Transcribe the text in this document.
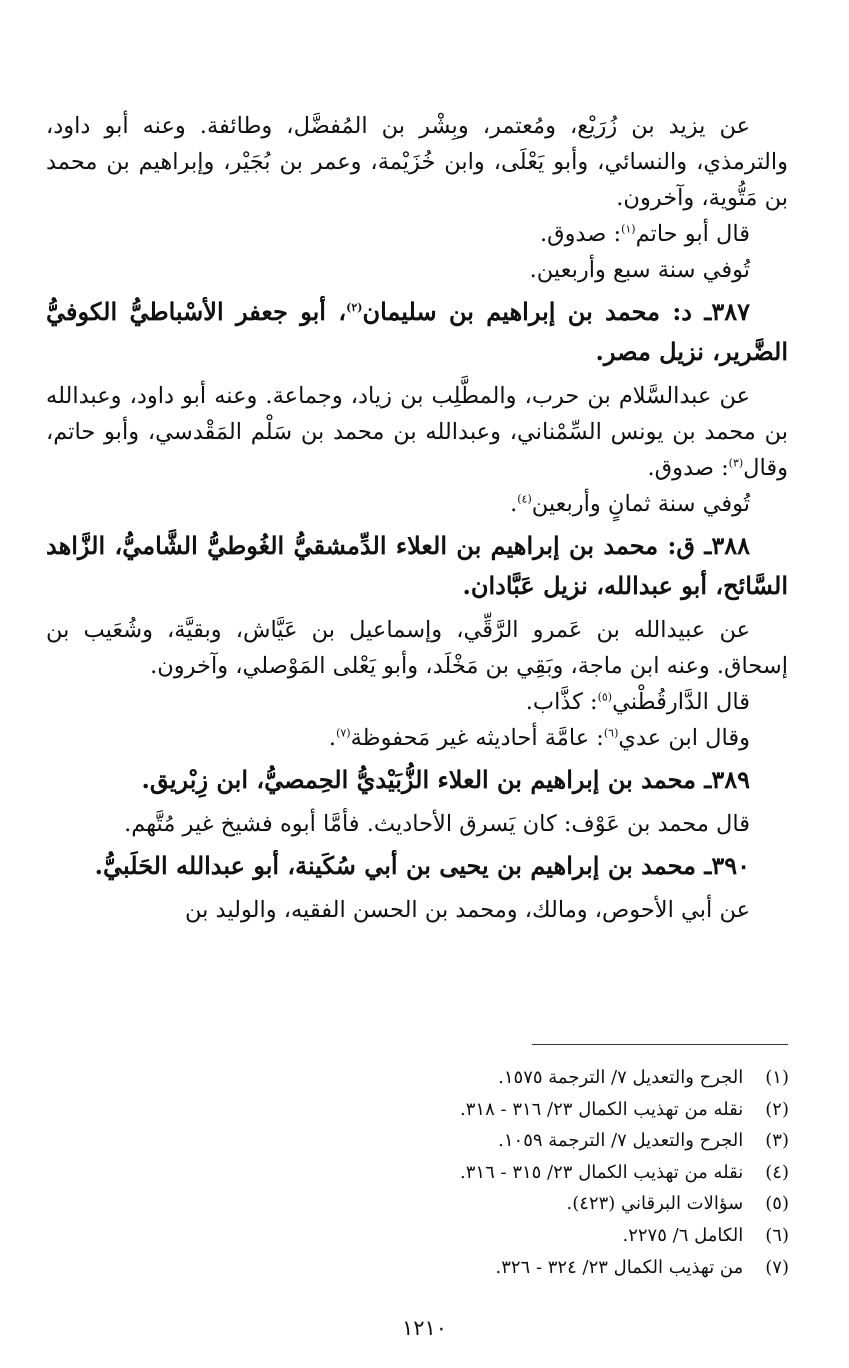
عن يزيد بن زُرَيْع، ومُعتمر، وبِشْر بن المُفضَّل، وطائفة. وعنه أبو داود، والترمذي، والنسائي، وأبو يَعْلَى، وابن خُزَيْمة، وعمر بن بُجَيْر، وإبراهيم بن محمد بن مَتُّوية، وآخرون.

قال أبو حاتم$^{(١)}$: صدوق.

تُوفي سنة سبع وأربعين.

٣٨٧ـ د: محمد بن إبراهيم بن سليمان$^{(٢)}$، أبو جعفر الأسْباطيُّ الكوفيُّ الضَّرير، نزيل مصر.

عن عبدالسَّلام بن حرب، والمطَّلِب بن زياد، وجماعة. وعنه أبو داود، وعبدالله بن محمد بن يونس السِّمْناني، وعبدالله بن محمد بن سَلْم المَقْدسي، وأبو حاتم، وقال$^{(٣)}$: صدوق.

تُوفي سنة ثمانٍ وأربعين$^{(٤)}$.

٣٨٨ـ ق: محمد بن إبراهيم بن العلاء الدِّمشقيُّ الغُوطيُّ الشَّاميُّ، الزَّاهد السَّائح، أبو عبدالله، نزيل عَبَّادان.

عن عبيدالله بن عَمرو الرَّقِّي، وإسماعيل بن عَيَّاش، وبقيَّة، وشُعَيب بن إسحاق. وعنه ابن ماجة، وبَقِي بن مَخْلَد، وأبو يَعْلى المَوْصلي، وآخرون.

قال الدَّارقُطْني$^{(٥)}$: كذَّاب.

وقال ابن عدي$^{(٦)}$: عامَّة أحاديثه غير مَحفوظة$^{(٧)}$.

٣٨٩ـ محمد بن إبراهيم بن العلاء الزُّبَيْديُّ الحِمصيُّ، ابن زِبْريق.

قال محمد بن عَوْف: كان يَسرق الأحاديث. فأمَّا أبوه فشيخ غير مُتَّهم.

٣٩٠ـ محمد بن إبراهيم بن يحيى بن أبي سُكَينة، أبو عبدالله الحَلَبيُّ.

عن أبي الأحوص، ومالك، ومحمد بن الحسن الفقيه، والوليد بن

(١) الجرح والتعديل ٧/ الترجمة ١٥٧٥.

(٢) نقله من تهذيب الكمال ٢٣/ ٣١٦ - ٣١٨.

(٣) الجرح والتعديل ٧/ الترجمة ١٠٥٩.

(٤) نقله من تهذيب الكمال ٢٣/ ٣١٥ - ٣١٦.

(٥) سؤالات البرقاني (٤٢٣).

(٦) الكامل ٦/ ٢٢٧٥.

(٧) من تهذيب الكمال ٢٣/ ٣٢٤ - ٣٢٦.

١٢١٠
